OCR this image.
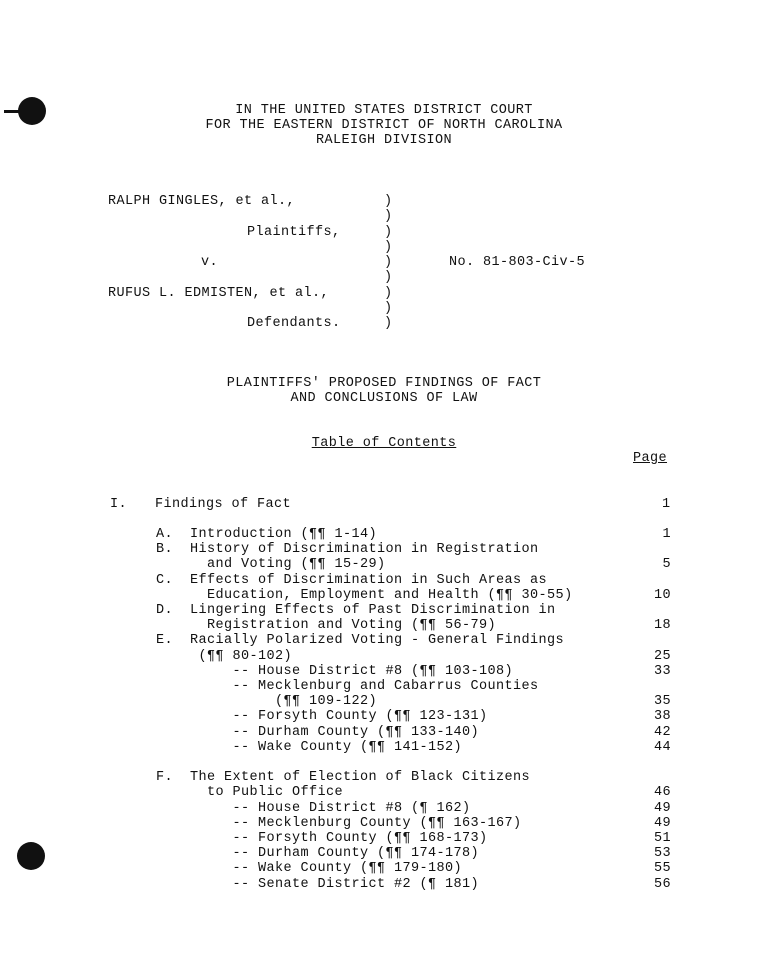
IN THE UNITED STATES DISTRICT COURT
FOR THE EASTERN DISTRICT OF NORTH CAROLINA
RALEIGH DIVISION
RALPH GINGLES, et al.,
Plaintiffs,
v.
RUFUS L. EDMISTEN, et al.,
Defendants.
No. 81-803-Civ-5
)
)
)
)
)
)
)
)
)
PLAINTIFFS' PROPOSED FINDINGS OF FACT
AND CONCLUSIONS OF LAW
Table of Contents
Page
I. Findings of Fact	1
A.  Introduction (¶¶ 1-14)	1
B.  History of Discrimination in Registration
and Voting (¶¶ 15-29)	5
C.  Effects of Discrimination in Such Areas as
Education, Employment and Health (¶¶ 30-55)	10
D.  Lingering Effects of Past Discrimination in
Registration and Voting (¶¶ 56-79)	18
E.  Racially Polarized Voting - General Findings
(¶¶ 80-102)	25
-- House District #8 (¶¶ 103-108)	33
-- Mecklenburg and Cabarrus Counties
(¶¶ 109-122)	35
-- Forsyth County (¶¶ 123-131)	38
-- Durham County (¶¶ 133-140)	42
-- Wake County (¶¶ 141-152)	44
F.  The Extent of Election of Black Citizens
to Public Office	46
-- House District #8 (¶ 162)	49
-- Mecklenburg County (¶¶ 163-167)	49
-- Forsyth County (¶¶ 168-173)	51
-- Durham County (¶¶ 174-178)	53
-- Wake County (¶¶ 179-180)	55
-- Senate District #2 (¶ 181)	56
